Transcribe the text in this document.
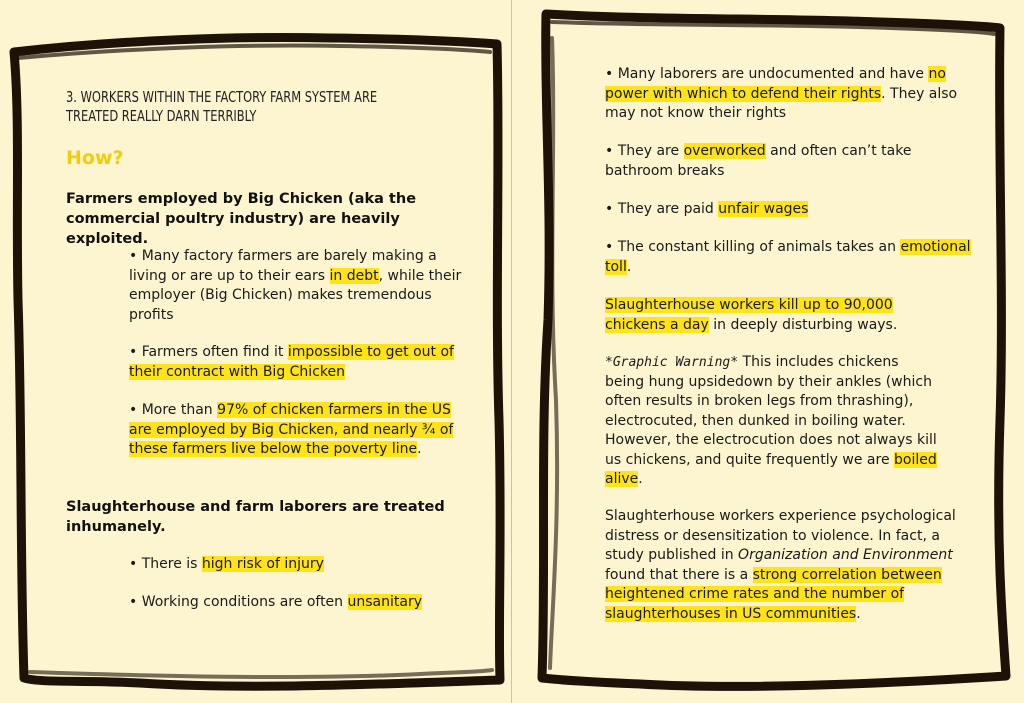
3. WORKERS WITHIN THE FACTORY FARM SYSTEM ARE TREATED REALLY DARN TERRIBLY
How?
Farmers employed by Big Chicken (aka the commercial poultry industry) are heavily exploited.
• Many factory farmers are barely making a living or are up to their ears in debt, while their employer (Big Chicken) makes tremendous profits
• Farmers often find it impossible to get out of their contract with Big Chicken
• More than 97% of chicken farmers in the US are employed by Big Chicken, and nearly ¾ of these farmers live below the poverty line.
Slaughterhouse and farm laborers are treated inhumanely.
• There is high risk of injury
• Working conditions are often unsanitary
• Many laborers are undocumented and have no power with which to defend their rights. They also may not know their rights
• They are overworked and often can’t take bathroom breaks
• They are paid unfair wages
• The constant killing of animals takes an emotional toll.
Slaughterhouse workers kill up to 90,000 chickens a day in deeply disturbing ways.
*Graphic Warning* This includes chickens being hung upsidedown by their ankles (which often results in broken legs from thrashing), electrocuted, then dunked in boiling water. However, the electrocution does not always kill us chickens, and quite frequently we are boiled alive.
Slaughterhouse workers experience psychological distress or desensitization to violence. In fact, a study published in Organization and Environment found that there is a strong correlation between heightened crime rates and the number of slaughterhouses in US communities.
